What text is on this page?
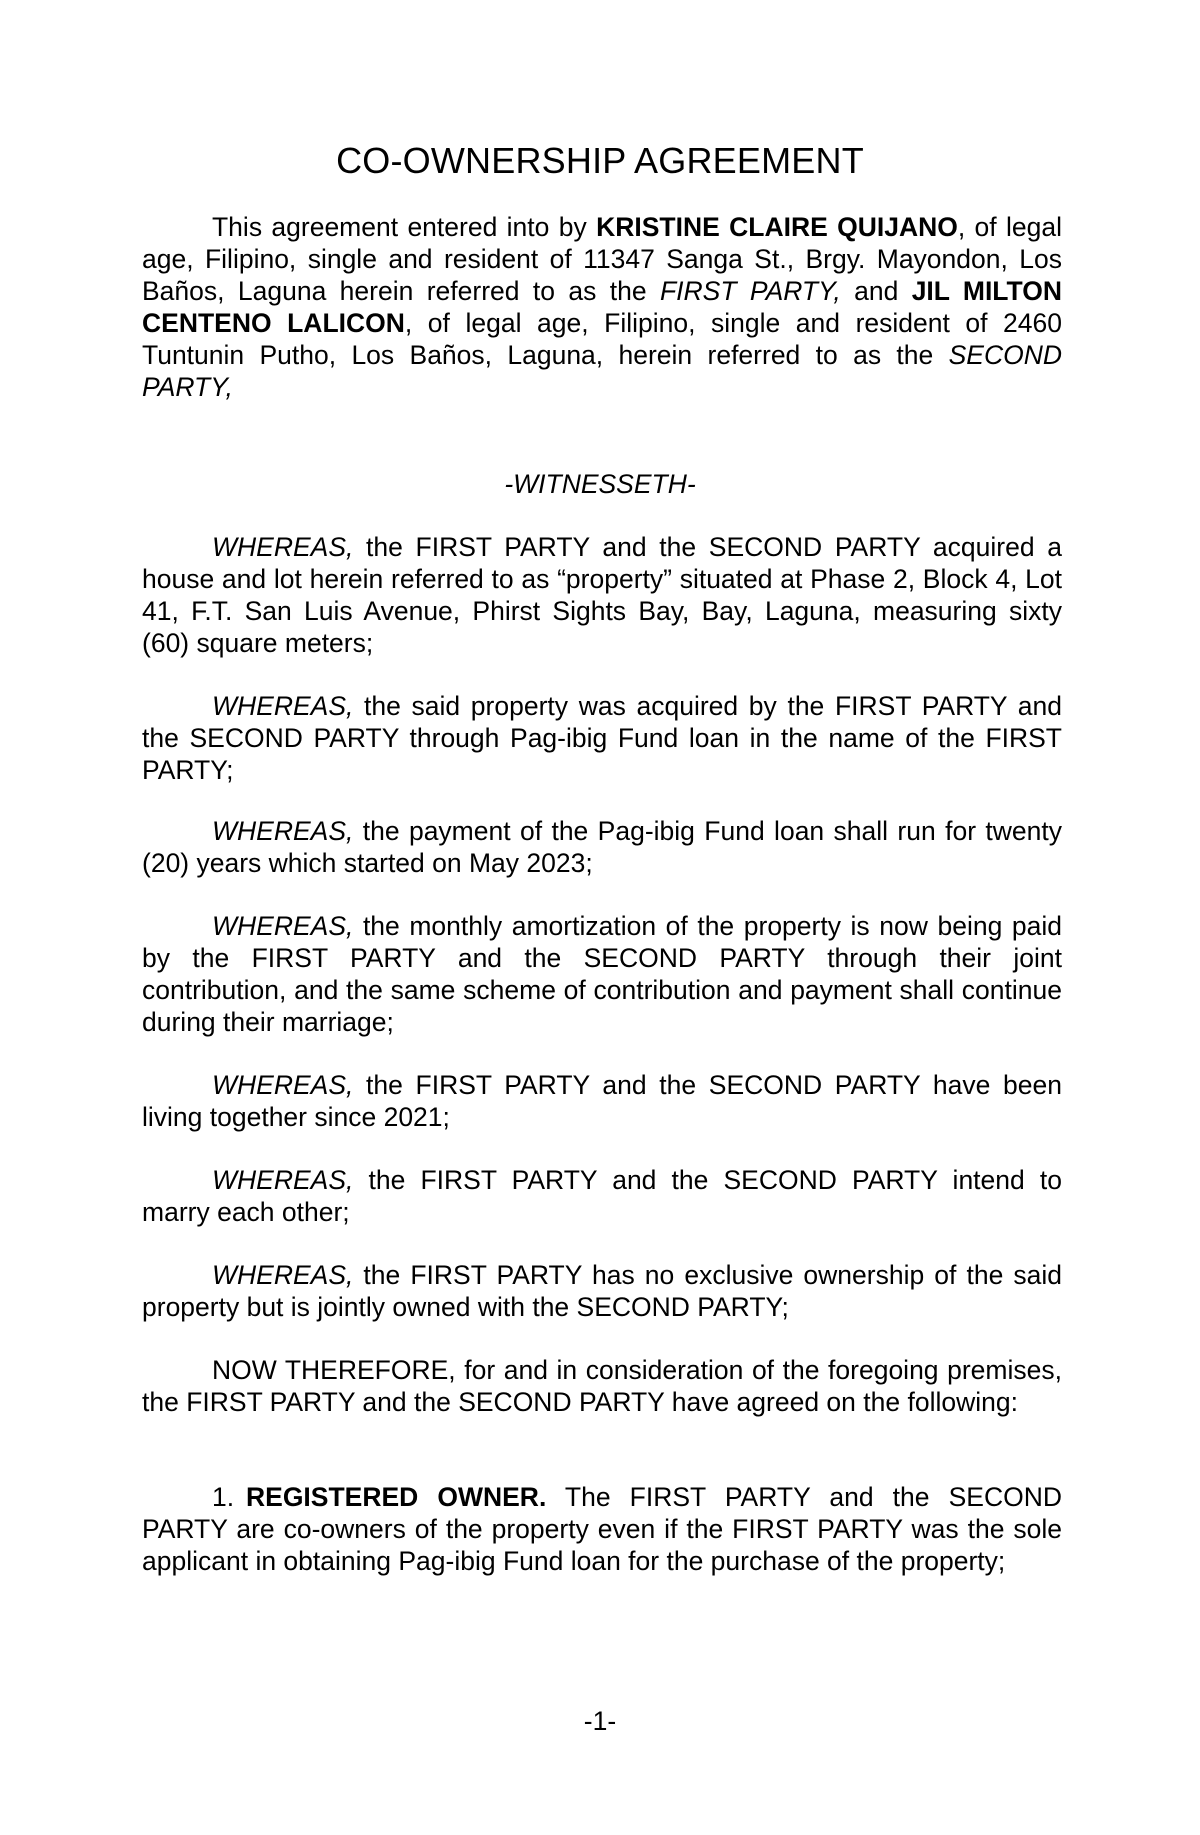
CO-OWNERSHIP AGREEMENT
This agreement entered into by KRISTINE CLAIRE QUIJANO, of legal age, Filipino, single and resident of 11347 Sanga St., Brgy. Mayondon, Los Baños, Laguna herein referred to as the FIRST PARTY, and JIL MILTON CENTENO LALICON, of legal age, Filipino, single and resident of 2460 Tuntunin Putho, Los Baños, Laguna, herein referred to as the SECOND PARTY,
-WITNESSETH-
WHEREAS, the FIRST PARTY and the SECOND PARTY acquired a house and lot herein referred to as “property” situated at Phase 2, Block 4, Lot 41, F.T. San Luis Avenue, Phirst Sights Bay, Bay, Laguna, measuring sixty (60) square meters;
WHEREAS, the said property was acquired by the FIRST PARTY and the SECOND PARTY through Pag-ibig Fund loan in the name of the FIRST PARTY;
WHEREAS, the payment of the Pag-ibig Fund loan shall run for twenty (20) years which started on May 2023;
WHEREAS, the monthly amortization of the property is now being paid by the FIRST PARTY and the SECOND PARTY through their joint contribution, and the same scheme of contribution and payment shall continue during their marriage;
WHEREAS, the FIRST PARTY and the SECOND PARTY have been living together since 2021;
WHEREAS, the FIRST PARTY and the SECOND PARTY intend to marry each other;
WHEREAS, the FIRST PARTY has no exclusive ownership of the said property but is jointly owned with the SECOND PARTY;
NOW THEREFORE, for and in consideration of the foregoing premises, the FIRST PARTY and the SECOND PARTY have agreed on the following:
1. REGISTERED OWNER. The FIRST PARTY and the SECOND PARTY are co-owners of the property even if the FIRST PARTY was the sole applicant in obtaining Pag-ibig Fund loan for the purchase of the property;
-1-
